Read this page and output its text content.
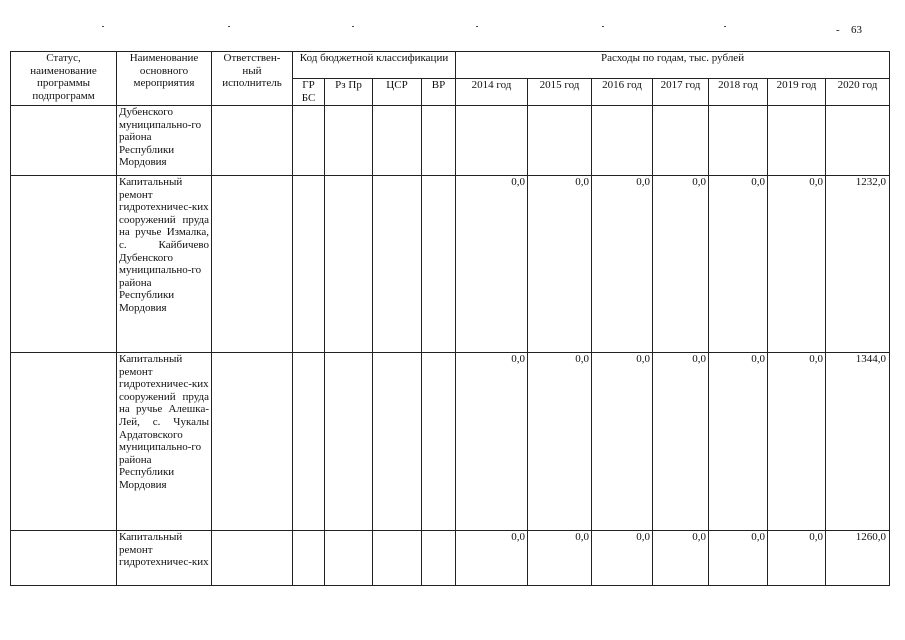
- 63
Статус, наименование программы подпрограмм	Наименование основного мероприятия	Ответствен-ный исполнитель	Код бюджетной классификации				Расходы по годам, тыс. рублей						
			ГР БС	Рз Пр	ЦСР	ВР	2014 год	2015 год	2016 год	2017 год	2018 год	2019 год	2020 год
	Дубенского муниципально-го района Республики Мордовия												
	Капитальный ремонт гидротехничес-ких сооружений пруда на ручье Измалка, с. Кайбичево Дубенского муниципально-го района Республики Мордовия						0,0	0,0	0,0	0,0	0,0	0,0	1232,0
	Капитальный ремонт гидротехничес-ких сооружений пруда на ручье Алешка-Лей, с. Чукалы Ардатовского муниципально-го района Республики Мордовия						0,0	0,0	0,0	0,0	0,0	0,0	1344,0
	Капитальный ремонт гидротехничес-ких						0,0	0,0	0,0	0,0	0,0	0,0	1260,0
